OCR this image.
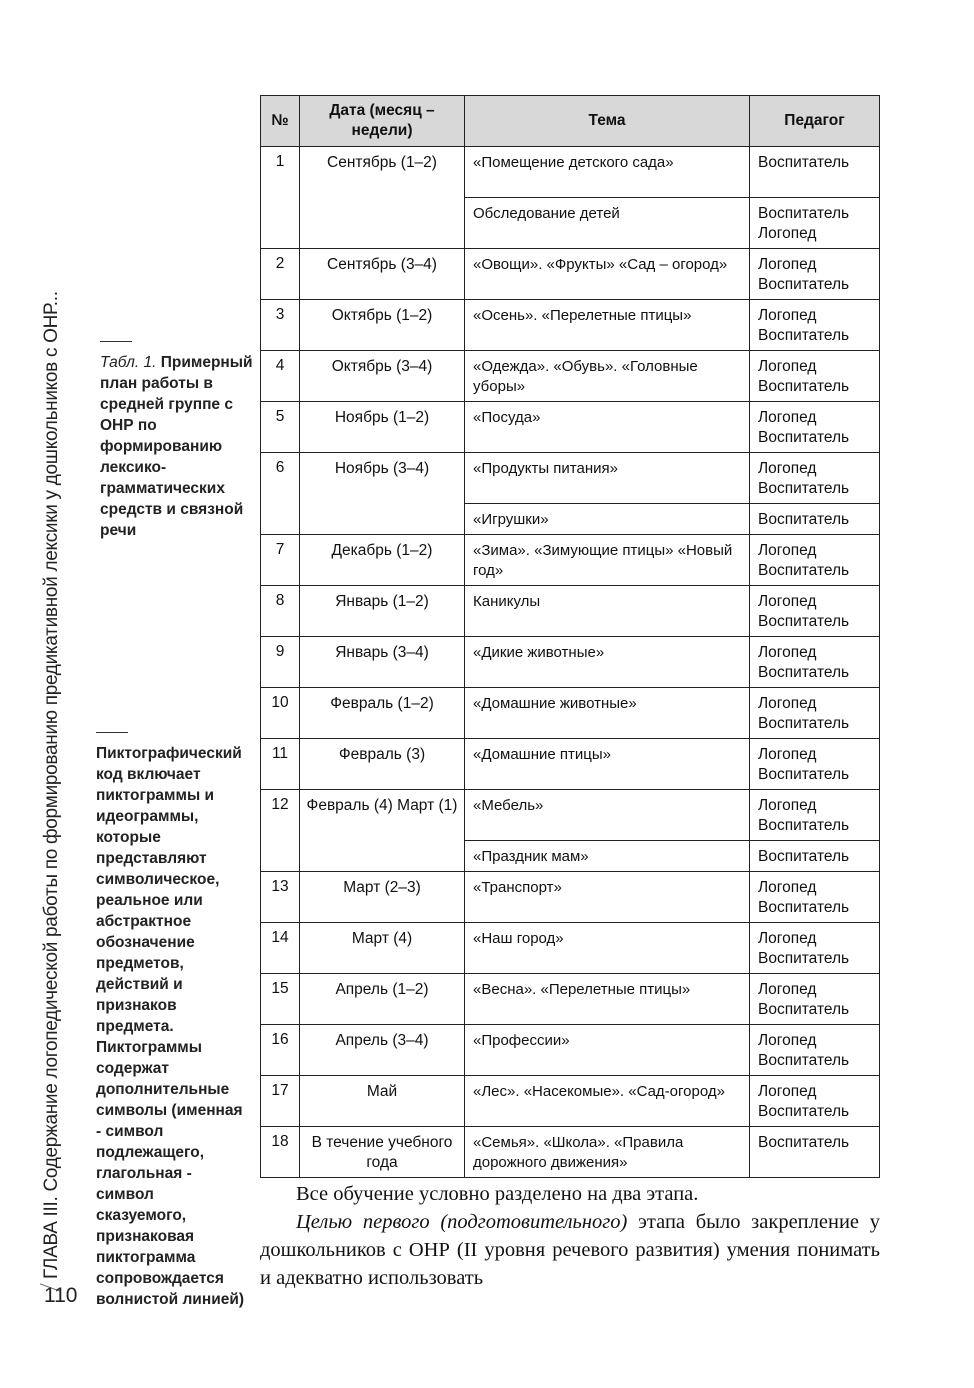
ГЛАВА III. Содержание логопедической работы по формированию предикативной лексики у дошкольников с ОНР...
110
Табл. 1. Примерный план работы в средней группе с ОНР по формированию лексико-грамматических средств и связной речи
Пиктографический код включает пиктограммы и идеограммы, которые представляют символическое, реальное или абстрактное обозначение предметов, действий и признаков предмета. Пиктограммы содержат дополнительные символы (именная - символ подлежащего, глагольная - символ сказуемого, признаковая пиктограмма сопровождается волнистой линией)
№	Дата (месяц – недели)	Тема	Педагог
1	Сентябрь (1–2)	«Помещение детского сада»	Воспитатель
		Обследование детей	Воспитатель Логопед
2	Сентябрь (3–4)	«Овощи». «Фрукты» «Сад – огород»	Логопед Воспитатель
3	Октябрь (1–2)	«Осень». «Перелетные птицы»	Логопед Воспитатель
4	Октябрь (3–4)	«Одежда». «Обувь». «Головные уборы»	Логопед Воспитатель
5	Ноябрь (1–2)	«Посуда»	Логопед Воспитатель
6	Ноябрь (3–4)	«Продукты питания»	Логопед Воспитатель
		«Игрушки»	Воспитатель
7	Декабрь (1–2)	«Зима». «Зимующие птицы» «Новый год»	Логопед Воспитатель
8	Январь (1–2)	Каникулы	Логопед Воспитатель
9	Январь (3–4)	«Дикие животные»	Логопед Воспитатель
10	Февраль (1–2)	«Домашние животные»	Логопед Воспитатель
11	Февраль (3)	«Домашние птицы»	Логопед Воспитатель
12	Февраль (4) Март (1)	«Мебель»	Логопед Воспитатель
		«Праздник мам»	Воспитатель
13	Март (2–3)	«Транспорт»	Логопед Воспитатель
14	Март (4)	«Наш город»	Логопед Воспитатель
15	Апрель (1–2)	«Весна». «Перелетные птицы»	Логопед Воспитатель
16	Апрель (3–4)	«Профессии»	Логопед Воспитатель
17	Май	«Лес». «Насекомые». «Сад-огород»	Логопед Воспитатель
18	В течение учебного года	«Семья». «Школа». «Правила дорожного движения»	Воспитатель
Все обучение условно разделено на два этапа.
Целью первого (подготовительного) этапа было закрепление у дошкольников с ОНР (II уровня речевого развития) умения понимать и адекватно использовать
